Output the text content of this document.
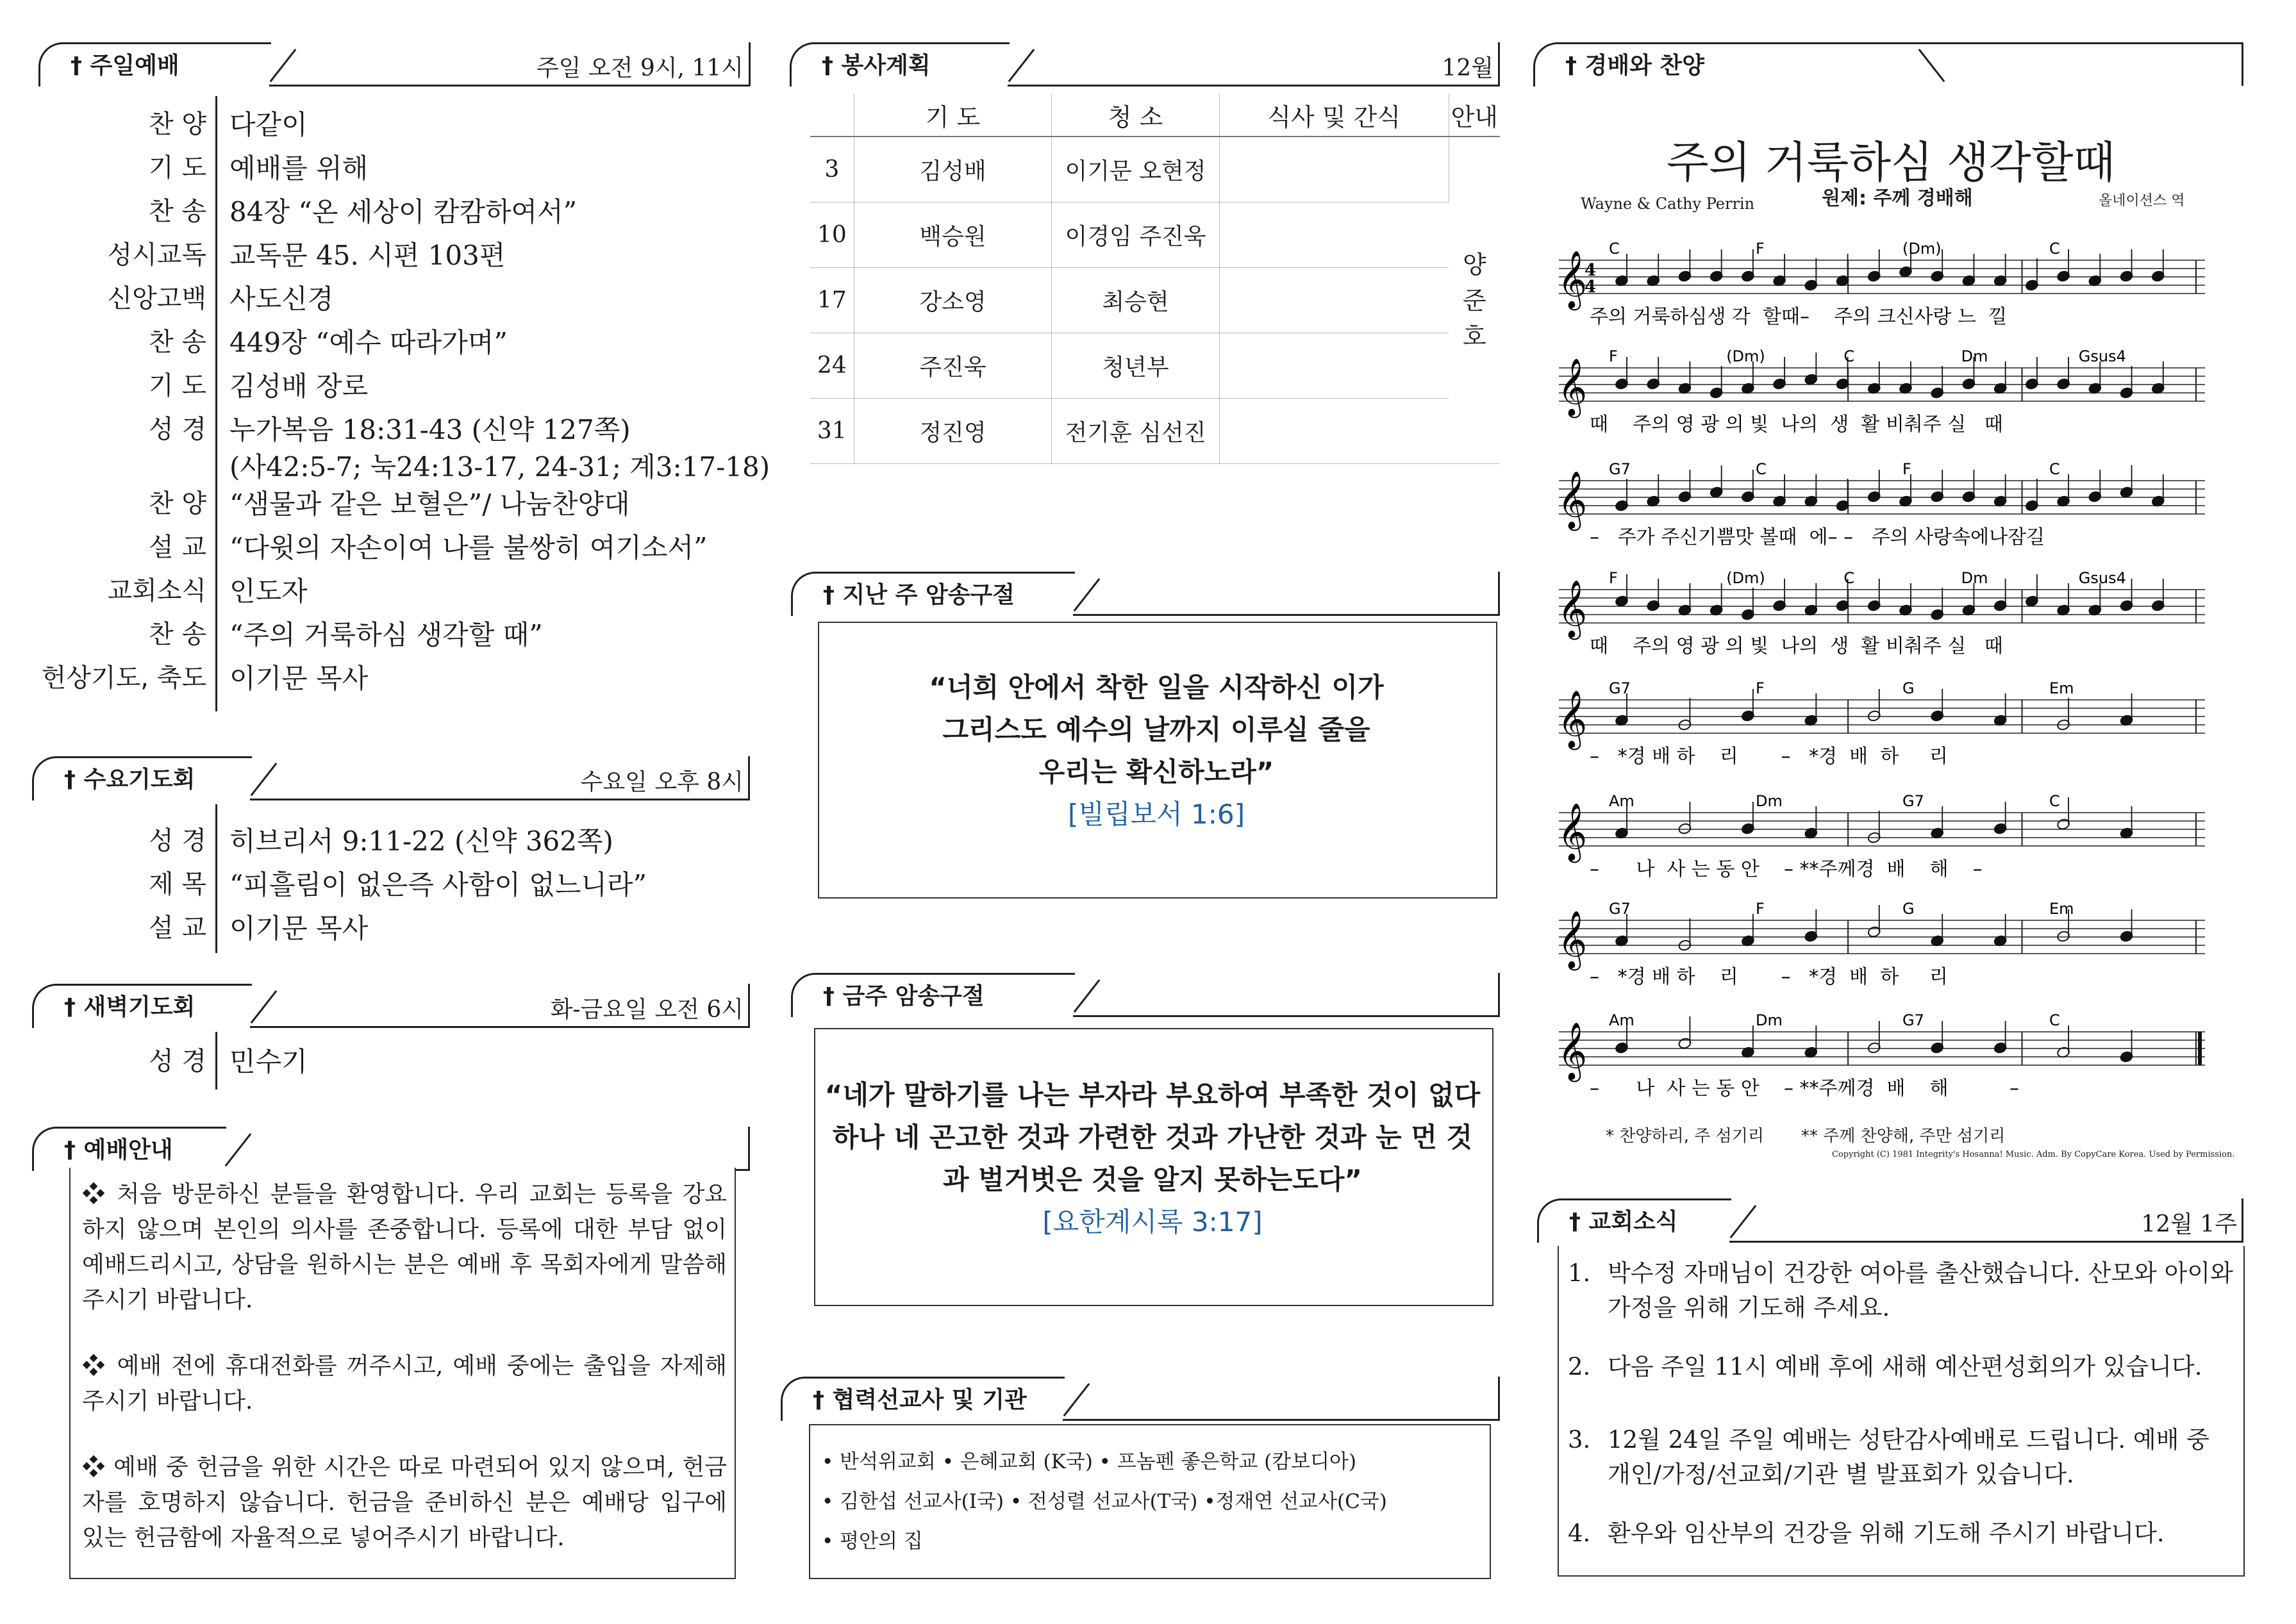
† 주일예배	주일 오전 9시, 11시
찬 양 다같이
기 도 예배를 위해
찬 송 84장 “온 세상이 캄캄하여서”
성시교독 교독문 45. 시편 103편
신앙고백 사도신경
찬 송 449장 “예수 따라가며”
기 도 김성배 장로
성 경 누가복음 18:31-43 (신약 127쪽)
(사42:5-7; 눅24:13-17, 24-31; 계3:17-18)
찬 양 “샘물과 같은 보혈은”/ 나눔찬양대
설 교 “다윗의 자손이여 나를 불쌍히 여기소서”
교회소식 인도자
찬 송 “주의 거룩하심 생각할 때”
헌상기도, 축도 이기문 목사
† 수요기도회	수요일 오후 8시
성 경 히브리서 9:11-22 (신약 362쪽)
제 목 “피흘림이 없은즉 사함이 없느니라”
설 교 이기문 목사
† 새벽기도회	화-금요일 오전 6시
성 경 민수기
† 예배안내
❖ 처음 방문하신 분들을 환영합니다. 우리 교회는 등록을 강요하지 않으며 본인의 의사를 존중합니다. 등록에 대한 부담 없이 예배드리시고, 상담을 원하시는 분은 예배 후 목회자에게 말씀해 주시기 바랍니다.
❖ 예배 전에 휴대전화를 꺼주시고, 예배 중에는 출입을 자제해 주시기 바랍니다.
❖ 예배 중 헌금을 위한 시간은 따로 마련되어 있지 않으며, 헌금자를 호명하지 않습니다. 헌금을 준비하신 분은 예배당 입구에 있는 헌금함에 자율적으로 넣어주시기 바랍니다.
† 봉사계획	12월
	기 도	청 소	식사 및 간식	안내
3	김성배	이기문 오현정		양
준
호

10	백승원	이경임 주진욱		
17	강소영	최승현		
24	주진욱	청년부		
31	정진영	전기훈 심선진		
† 지난 주 암송구절
“너희 안에서 착한 일을 시작하신 이가
그리스도 예수의 날까지 이루실 줄을
우리는 확신하노라”
[빌립보서 1:6]
† 금주 암송구절
“네가 말하기를 나는 부자라 부요하여 부족한 것이 없다
하나 네 곤고한 것과 가련한 것과 가난한 것과 눈 먼 것
과 벌거벗은 것을 알지 못하는도다”
[요한계시록 3:17]
† 협력선교사 및 기관
• 반석위교회 • 은혜교회 (K국) • 프놈펜 좋은학교 (캄보디아)
• 김한섭 선교사(I국) • 전성렬 선교사(T국) •정재연 선교사(C국)
• 평안의 집
† 경배와 찬양
주의 거룩하심 생각할때
원제: 주께 경배해
Wayne & Cathy Perrin	올네이션스 역
𝄞
C	F	(Dm)	C
주의 거룩하심생 각  할때–    주의 크신사랑 느  낄
𝄞
F	(Dm)	C	Dm	Gsus4
때    주의 영 광 의 빛  나의  생  활 비춰주 실   때
𝄞
G7	C	F	C
–   주가 주신기쁨맛 볼때  에– –   주의 사랑속에나잠길
𝄞
F	(Dm)	C	Dm	Gsus4
때    주의 영 광 의 빛  나의  생  활 비춰주 실   때
𝄞
G7	F	G	Em
–   *경 배 하    리       –   *경  배  하     리
𝄞
Am	Dm	G7	C
–      나  사 는 동 안    – **주께경  배    해    –
𝄞
G7	F	G	Em
–   *경 배 하    리       –   *경  배  하     리
𝄞
Am	Dm	G7	C
–      나  사 는 동 안    – **주께경  배    해          –
4
4
* 찬양하리, 주 섬기리       ** 주께 찬양해, 주만 섬기리
Copyright (C) 1981 Integrity's Hosanna! Music. Adm. By CopyCare Korea. Used by Permission.
† 교회소식	12월 1주
1. 박수정 자매님이 건강한 여아를 출산했습니다. 산모와 아이와 가정을 위해 기도해 주세요.
2. 다음 주일 11시 예배 후에 새해 예산편성회의가 있습니다.
3. 12월 24일 주일 예배는 성탄감사예배로 드립니다. 예배 중 개인/가정/선교회/기관 별 발표회가 있습니다.
4. 환우와 임산부의 건강을 위해 기도해 주시기 바랍니다.
